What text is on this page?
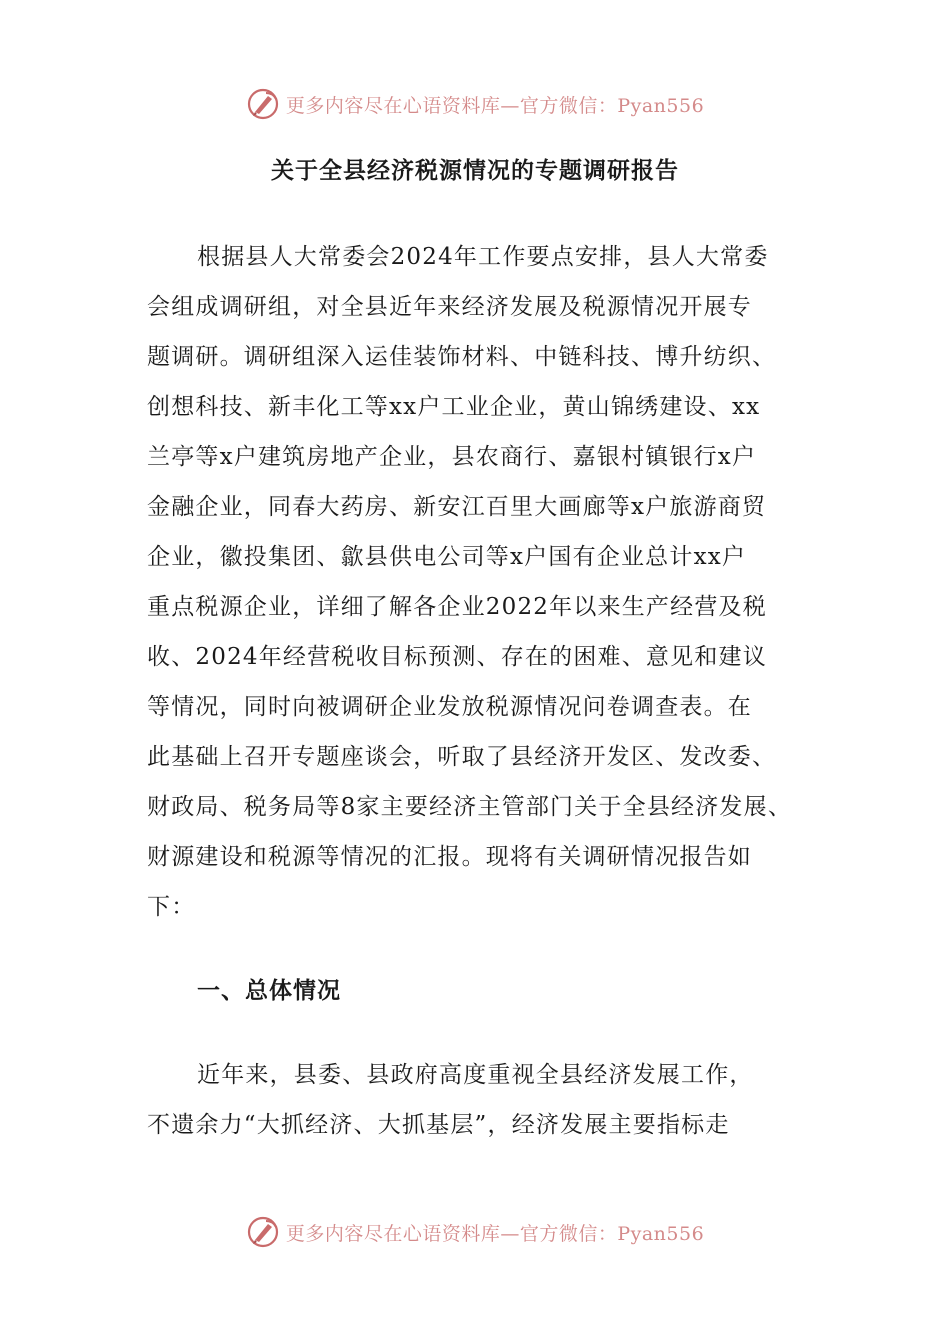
更多内容尽在心语资料库—官方微信：Pyan556
关于全县经济税源情况的专题调研报告
根据县人大常委会2024年工作要点安排，县人大常委
会组成调研组，对全县近年来经济发展及税源情况开展专
题调研。调研组深入运佳装饰材料、中链科技、博升纺织、
创想科技、新丰化工等xx户工业企业，黄山锦绣建设、xx
兰亭等x户建筑房地产企业，县农商行、嘉银村镇银行x户
金融企业，同春大药房、新安江百里大画廊等x户旅游商贸
企业，徽投集团、歙县供电公司等x户国有企业总计xx户
重点税源企业，详细了解各企业2022年以来生产经营及税
收、2024年经营税收目标预测、存在的困难、意见和建议
等情况，同时向被调研企业发放税源情况问卷调查表。在
此基础上召开专题座谈会，听取了县经济开发区、发改委、
财政局、税务局等8家主要经济主管部门关于全县经济发展、
财源建设和税源等情况的汇报。现将有关调研情况报告如
下：
一、总体情况
近年来，县委、县政府高度重视全县经济发展工作，
不遗余力“大抓经济、大抓基层”，经济发展主要指标走
更多内容尽在心语资料库—官方微信：Pyan556
